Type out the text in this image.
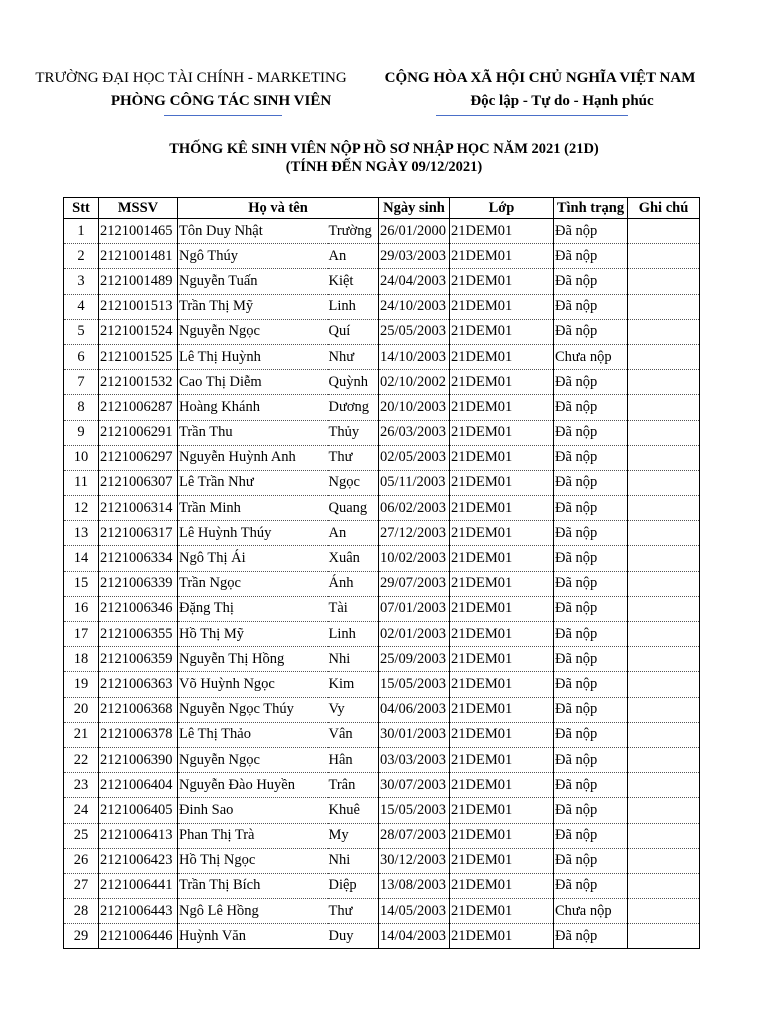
TRƯỜNG ĐẠI HỌC TÀI CHÍNH - MARKETING
PHÒNG CÔNG TÁC SINH VIÊN
CỘNG HÒA XÃ HỘI CHỦ NGHĨA VIỆT NAM
Độc lập - Tự do - Hạnh phúc
THỐNG KÊ SINH VIÊN NỘP HỒ SƠ NHẬP HỌC NĂM 2021 (21D)
(TÍNH ĐẾN NGÀY 09/12/2021)
Stt	MSSV	Họ và tên		Ngày sinh	Lớp	Tình trạng	Ghi chú
1	2121001465	Tôn Duy Nhật	Trường	26/01/2000	21DEM01	Đã nộp	
2	2121001481	Ngô Thúy	An	29/03/2003	21DEM01	Đã nộp	
3	2121001489	Nguyễn Tuấn	Kiệt	24/04/2003	21DEM01	Đã nộp	
4	2121001513	Trần Thị Mỹ	Linh	24/10/2003	21DEM01	Đã nộp	
5	2121001524	Nguyễn Ngọc	Quí	25/05/2003	21DEM01	Đã nộp	
6	2121001525	Lê Thị Huỳnh	Như	14/10/2003	21DEM01	Chưa nộp	
7	2121001532	Cao Thị Diễm	Quỳnh	02/10/2002	21DEM01	Đã nộp	
8	2121006287	Hoàng Khánh	Dương	20/10/2003	21DEM01	Đã nộp	
9	2121006291	Trần Thu	Thủy	26/03/2003	21DEM01	Đã nộp	
10	2121006297	Nguyễn Huỳnh Anh	Thư	02/05/2003	21DEM01	Đã nộp	
11	2121006307	Lê Trần Như	Ngọc	05/11/2003	21DEM01	Đã nộp	
12	2121006314	Trần Minh	Quang	06/02/2003	21DEM01	Đã nộp	
13	2121006317	Lê Huỳnh Thúy	An	27/12/2003	21DEM01	Đã nộp	
14	2121006334	Ngô Thị Ái	Xuân	10/02/2003	21DEM01	Đã nộp	
15	2121006339	Trần Ngọc	Ánh	29/07/2003	21DEM01	Đã nộp	
16	2121006346	Đặng Thị	Tài	07/01/2003	21DEM01	Đã nộp	
17	2121006355	Hồ Thị Mỹ	Linh	02/01/2003	21DEM01	Đã nộp	
18	2121006359	Nguyễn Thị Hồng	Nhi	25/09/2003	21DEM01	Đã nộp	
19	2121006363	Võ Huỳnh Ngọc	Kim	15/05/2003	21DEM01	Đã nộp	
20	2121006368	Nguyễn Ngọc Thúy	Vy	04/06/2003	21DEM01	Đã nộp	
21	2121006378	Lê Thị Thảo	Vân	30/01/2003	21DEM01	Đã nộp	
22	2121006390	Nguyễn Ngọc	Hân	03/03/2003	21DEM01	Đã nộp	
23	2121006404	Nguyễn Đào Huyền	Trân	30/07/2003	21DEM01	Đã nộp	
24	2121006405	Đinh Sao	Khuê	15/05/2003	21DEM01	Đã nộp	
25	2121006413	Phan Thị Trà	My	28/07/2003	21DEM01	Đã nộp	
26	2121006423	Hồ Thị Ngọc	Nhi	30/12/2003	21DEM01	Đã nộp	
27	2121006441	Trần Thị Bích	Diệp	13/08/2003	21DEM01	Đã nộp	
28	2121006443	Ngô Lê Hồng	Thư	14/05/2003	21DEM01	Chưa nộp	
29	2121006446	Huỳnh Văn	Duy	14/04/2003	21DEM01	Đã nộp	
